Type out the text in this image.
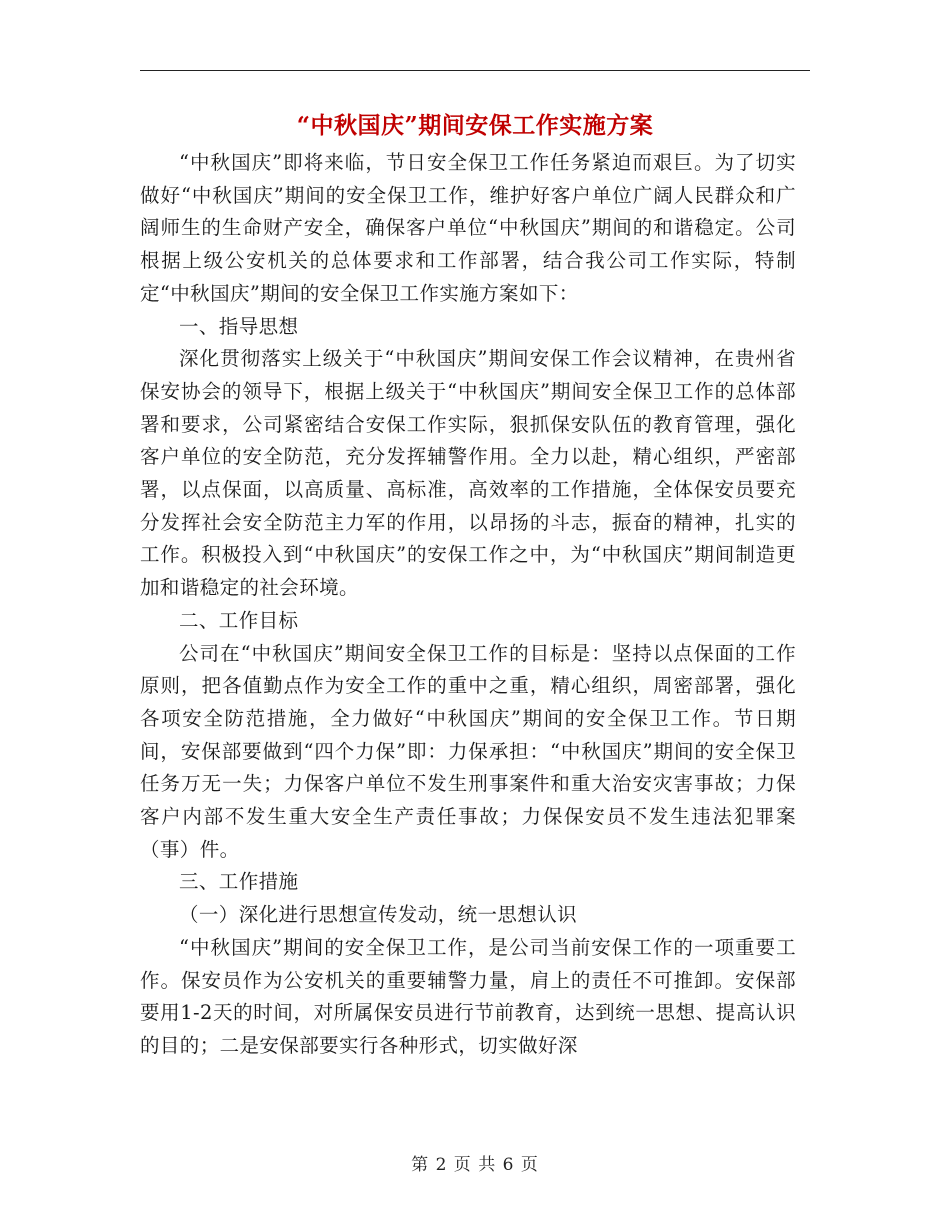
“中秋国庆”期间安保工作实施方案

“中秋国庆”即将来临，节日安全保卫工作任务紧迫而艰巨。为了切实做好“中秋国庆”期间的安全保卫工作，维护好客户单位广阔人民群众和广阔师生的生命财产安全，确保客户单位“中秋国庆”期间的和谐稳定。公司根据上级公安机关的总体要求和工作部署，结合我公司工作实际，特制定“中秋国庆”期间的安全保卫工作实施方案如下：

一、指导思想

深化贯彻落实上级关于“中秋国庆”期间安保工作会议精神，在贵州省保安协会的领导下，根据上级关于“中秋国庆”期间安全保卫工作的总体部署和要求，公司紧密结合安保工作实际，狠抓保安队伍的教育管理，强化客户单位的安全防范，充分发挥辅警作用。全力以赴，精心组织，严密部署，以点保面，以高质量、高标准，高效率的工作措施，全体保安员要充分发挥社会安全防范主力军的作用，以昂扬的斗志，振奋的精神，扎实的工作。积极投入到“中秋国庆”的安保工作之中，为“中秋国庆”期间制造更加和谐稳定的社会环境。

二、工作目标

公司在“中秋国庆”期间安全保卫工作的目标是：坚持以点保面的工作原则，把各值勤点作为安全工作的重中之重，精心组织，周密部署，强化各项安全防范措施，全力做好“中秋国庆”期间的安全保卫工作。节日期间，安保部要做到“四个力保”即：力保承担：“中秋国庆”期间的安全保卫任务万无一失；力保客户单位不发生刑事案件和重大治安灾害事故；力保客户内部不发生重大安全生产责任事故；力保保安员不发生违法犯罪案（事）件。

三、工作措施

（一）深化进行思想宣传发动，统一思想认识

“中秋国庆”期间的安全保卫工作，是公司当前安保工作的一项重要工作。保安员作为公安机关的重要辅警力量，肩上的责任不可推卸。安保部要用1-2天的时间，对所属保安员进行节前教育，达到统一思想、提高认识的目的；二是安保部要实行各种形式，切实做好深

第 2 页 共 6 页
